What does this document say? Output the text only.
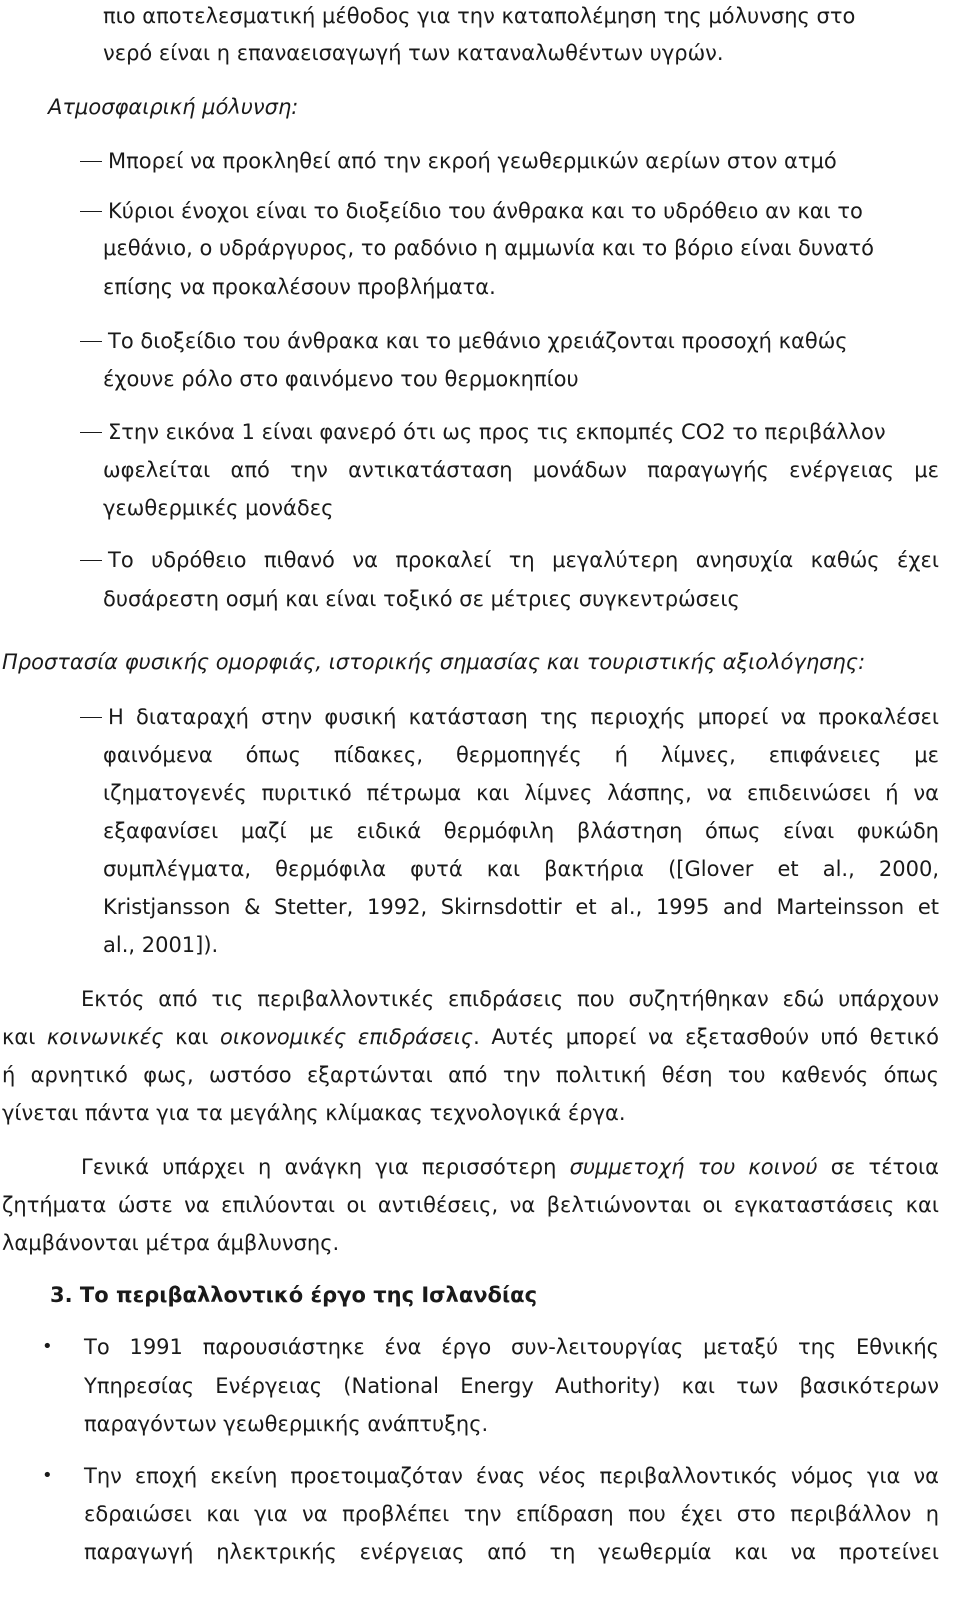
πιο αποτελεσματική μέθοδος για την καταπολέμηση της μόλυνσης στο
νερό είναι η επαναεισαγωγή των καταναλωθέντων υγρών.
Ατμοσφαιρική μόλυνση:
Μπορεί να προκληθεί από την εκροή γεωθερμικών αερίων στον ατμό
Κύριοι ένοχοι είναι το διοξείδιο του άνθρακα και το υδρόθειο αν και το
μεθάνιο, ο υδράργυρος, το ραδόνιο η αμμωνία και το βόριο είναι δυνατό
επίσης να προκαλέσουν προβλήματα.
Το διοξείδιο του άνθρακα και το μεθάνιο χρειάζονται προσοχή καθώς
έχουνε ρόλο στο φαινόμενο του θερμοκηπίου
Στην εικόνα 1 είναι φανερό ότι ως προς τις εκπομπές CO2 το περιβάλλον
ωφελείται από την αντικατάσταση μονάδων παραγωγής ενέργειας με
γεωθερμικές μονάδες
Το υδρόθειο πιθανό να προκαλεί τη μεγαλύτερη ανησυχία καθώς έχει
δυσάρεστη οσμή και είναι τοξικό σε μέτριες συγκεντρώσεις
Προστασία φυσικής ομορφιάς, ιστορικής σημασίας και τουριστικής αξιολόγησης:
Η διαταραχή στην φυσική κατάσταση της περιοχής μπορεί να προκαλέσει
φαινόμενα όπως πίδακες, θερμοπηγές ή λίμνες, επιφάνειες με
ιζηματογενές πυριτικό πέτρωμα και λίμνες λάσπης, να επιδεινώσει ή να
εξαφανίσει μαζί με ειδικά θερμόφιλη βλάστηση όπως είναι φυκώδη
συμπλέγματα, θερμόφιλα φυτά και βακτήρια ([Glover et al., 2000,
Kristjansson & Stetter, 1992, Skirnsdottir et al., 1995 and Marteinsson et
al., 2001]).
Εκτός από τις περιβαλλοντικές επιδράσεις που συζητήθηκαν εδώ υπάρχουν
και κοινωνικές και οικονομικές επιδράσεις. Αυτές μπορεί να εξετασθούν υπό θετικό
ή αρνητικό φως, ωστόσο εξαρτώνται από την πολιτική θέση του καθενός όπως
γίνεται πάντα για τα μεγάλης κλίμακας τεχνολογικά έργα.
Γενικά υπάρχει η ανάγκη για περισσότερη συμμετοχή του κοινού σε τέτοια
ζητήματα ώστε να επιλύονται οι αντιθέσεις, να βελτιώνονται οι εγκαταστάσεις και
λαμβάνονται μέτρα άμβλυνσης.
3. Το περιβαλλοντικό έργο της Ισλανδίας
• Το 1991 παρουσιάστηκε ένα έργο συν-λειτουργίας μεταξύ της Εθνικής
Υπηρεσίας Ενέργειας (National Energy Authority) και των βασικότερων
παραγόντων γεωθερμικής ανάπτυξης.
• Την εποχή εκείνη προετοιμαζόταν ένας νέος περιβαλλοντικός νόμος για να
εδραιώσει και για να προβλέπει την επίδραση που έχει στο περιβάλλον η
παραγωγή ηλεκτρικής ενέργειας από τη γεωθερμία και να προτείνει
